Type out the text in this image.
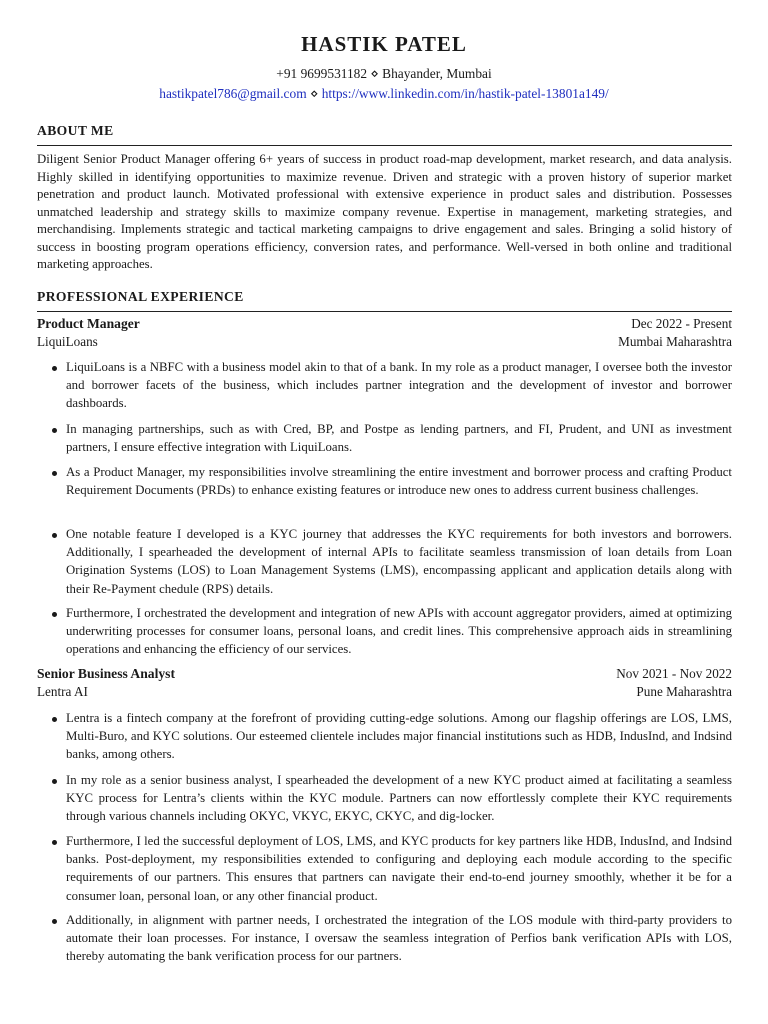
HASTIK PATEL
+91 9699531182 ⋄ Bhayander, Mumbai
hastikpatel786@gmail.com ⋄ https://www.linkedin.com/in/hastik-patel-13801a149/
ABOUT ME
Diligent Senior Product Manager offering 6+ years of success in product road-map development, market research, and data analysis. Highly skilled in identifying opportunities to maximize revenue. Driven and strategic with a proven history of superior market penetration and product launch. Motivated professional with extensive experience in product sales and distribution. Possesses unmatched leadership and strategy skills to maximize company revenue. Expertise in management, marketing strategies, and merchandising. Implements strategic and tactical marketing campaigns to drive engagement and sales. Bringing a solid history of success in boosting program operations efficiency, conversion rates, and performance. Well-versed in both online and traditional marketing approaches.
PROFESSIONAL EXPERIENCE
Product Manager	Dec 2022 - Present
LiquiLoans	Mumbai Maharashtra
LiquiLoans is a NBFC with a business model akin to that of a bank. In my role as a product manager, I oversee both the investor and borrower facets of the business, which includes partner integration and the development of investor and borrower dashboards.
In managing partnerships, such as with Cred, BP, and Postpe as lending partners, and FI, Prudent, and UNI as investment partners, I ensure effective integration with LiquiLoans.
As a Product Manager, my responsibilities involve streamlining the entire investment and borrower process and crafting Product Requirement Documents (PRDs) to enhance existing features or introduce new ones to address current business challenges.
One notable feature I developed is a KYC journey that addresses the KYC requirements for both investors and borrowers. Additionally, I spearheaded the development of internal APIs to facilitate seamless transmission of loan details from Loan Origination Systems (LOS) to Loan Management Systems (LMS), encompassing applicant and application details along with their Re-Payment chedule (RPS) details.
Furthermore, I orchestrated the development and integration of new APIs with account aggregator providers, aimed at optimizing underwriting processes for consumer loans, personal loans, and credit lines. This comprehensive approach aids in streamlining operations and enhancing the efficiency of our services.
Senior Business Analyst	Nov 2021 - Nov 2022
Lentra AI	Pune Maharashtra
Lentra is a fintech company at the forefront of providing cutting-edge solutions. Among our flagship offerings are LOS, LMS, Multi-Buro, and KYC solutions. Our esteemed clientele includes major financial institutions such as HDB, IndusInd, and Indsind banks, among others.
In my role as a senior business analyst, I spearheaded the development of a new KYC product aimed at facilitating a seamless KYC process for Lentra’s clients within the KYC module. Partners can now effortlessly complete their KYC requirements through various channels including OKYC, VKYC, EKYC, CKYC, and dig-locker.
Furthermore, I led the successful deployment of LOS, LMS, and KYC products for key partners like HDB, IndusInd, and Indsind banks. Post-deployment, my responsibilities extended to configuring and deploying each module according to the specific requirements of our partners. This ensures that partners can navigate their end-to-end journey smoothly, whether it be for a consumer loan, personal loan, or any other financial product.
Additionally, in alignment with partner needs, I orchestrated the integration of the LOS module with third-party providers to automate their loan processes. For instance, I oversaw the seamless integration of Perfios bank verification APIs with LOS, thereby automating the bank verification process for our partners.
